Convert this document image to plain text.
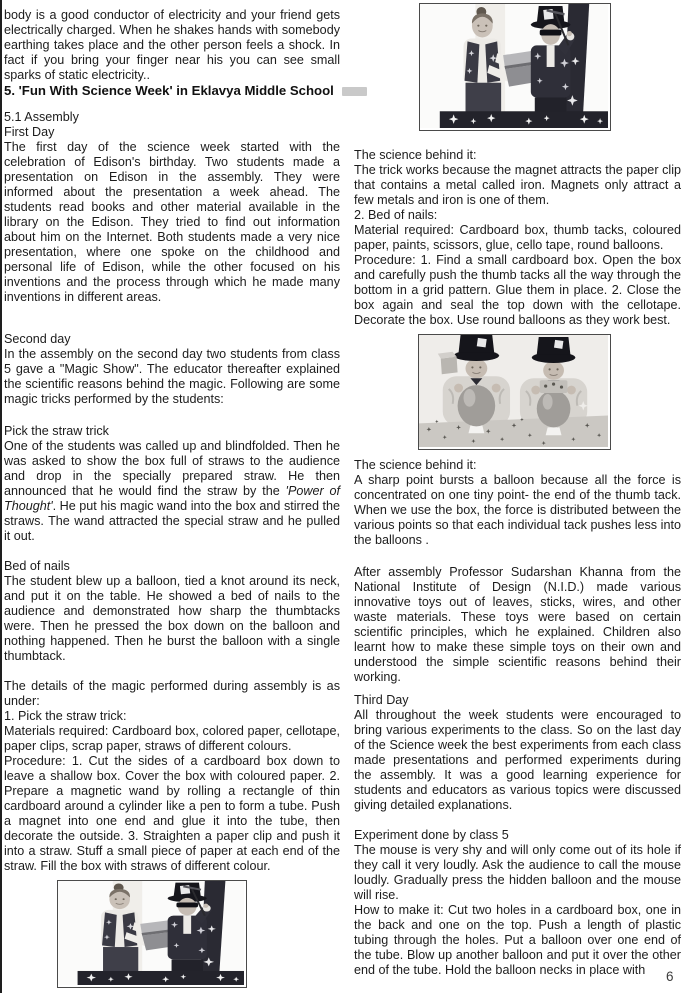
body is a good conductor of electricity and your friend gets electrically charged. When he shakes hands with somebody earthing takes place and the other person feels a shock. In fact if you bring your finger near his you can see small sparks of static electricity..

5. 'Fun With Science Week' in Eklavya Middle School

5.1 Assembly

First Day

The first day of the science week started with the celebration of Edison's birthday. Two students made a presentation on Edison in the assembly. They were informed about the presentation a week ahead. The students read books and other material available in the library on the Edison. They tried to find out information about him on the Internet. Both students made a very nice presentation, where one spoke on the childhood and personal life of Edison, while the other focused on his inventions and the process through which he made many inventions in different areas.

Second day

In the assembly on the second day two students from class 5 gave a "Magic Show". The educator thereafter explained the scientific reasons behind the magic. Following are some magic tricks performed by the students:

Pick the straw trick

One of the students was called up and blindfolded. Then he was asked to show the box full of straws to the audience and drop in the specially prepared straw. He then announced that he would find the straw by the 'Power of Thought'. He put his magic wand into the box and stirred the straws. The wand attracted the special straw and he pulled it out.

Bed of nails

The student blew up a balloon, tied a knot around its neck, and put it on the table. He showed a bed of nails to the audience and demonstrated how sharp the thumbtacks were. Then he pressed the box down on the balloon and nothing happened. Then he burst the balloon with a single thumbtack.

The details of the magic performed during assembly is as under:

1. Pick the straw trick:

Materials required: Cardboard box, colored paper, cellotape, paper clips, scrap paper, straws of different colours.

Procedure: 1. Cut the sides of a cardboard box down to leave a shallow box. Cover the box with coloured paper. 2. Prepare a magnetic wand by rolling a rectangle of thin cardboard around a cylinder like a pen to form a tube. Push a magnet into one end and glue it into the tube, then decorate the outside. 3. Straighten a paper clip and push it into a straw. Stuff a small piece of paper at each end of the straw. Fill the box with straws of different colour.

The science behind it:

The trick works because the magnet attracts the paper clip that contains a metal called iron. Magnets only attract a few metals and iron is one of them.

2. Bed of nails:

Material required: Cardboard box, thumb tacks, coloured paper, paints, scissors, glue, cello tape, round balloons.

Procedure: 1. Find a small cardboard box. Open the box and carefully push the thumb tacks all the way through the bottom in a grid pattern. Glue them in place. 2. Close the box again and seal the top down with the cellotape. Decorate the box. Use round balloons as they work best.

The science behind it:

A sharp point bursts a balloon because all the force is concentrated on one tiny point- the end of the thumb tack. When we use the box, the force is distributed between the various points so that each individual tack pushes less into the balloons .

After assembly Professor Sudarshan Khanna from the National Institute of Design (N.I.D.) made various innovative toys out of leaves, sticks, wires, and other waste materials. These toys were based on certain scientific principles, which he explained. Children also learnt how to make these simple toys on their own and understood the simple scientific reasons behind their working.

Third Day

All throughout the week students were encouraged to bring various experiments to the class. So on the last day of the Science week the best experiments from each class made presentations and performed experiments during the assembly. It was a good learning experience for students and educators as various topics were discussed giving detailed explanations.

Experiment done by class 5

The mouse is very shy and will only come out of its hole if they call it very loudly. Ask the audience to call the mouse loudly. Gradually press the hidden balloon and the mouse will rise.

How to make it: Cut two holes in a cardboard box, one in the back and one on the top. Push a length of plastic tubing through the holes. Put a balloon over one end of the tube. Blow up another balloon and put it over the other end of the tube. Hold the balloon necks in place with	6
